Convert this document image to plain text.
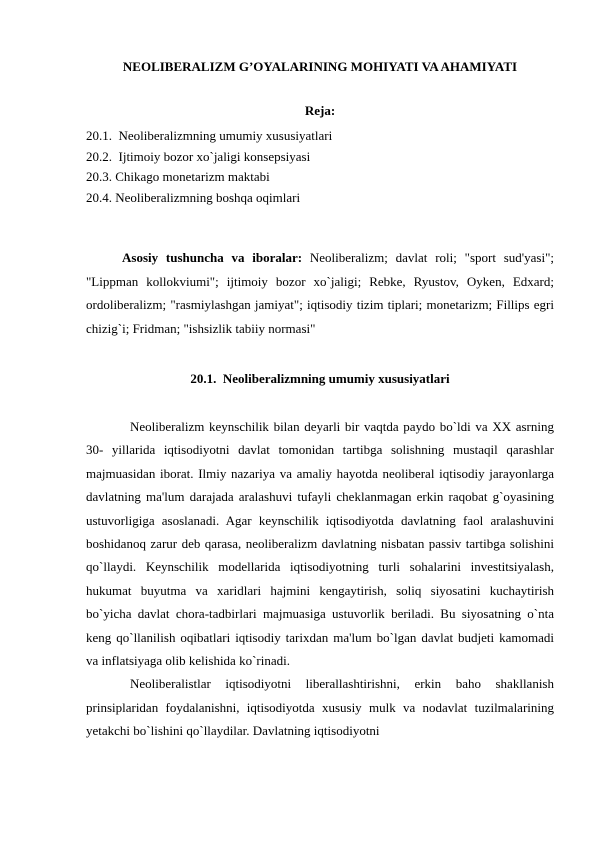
NEOLIBERALIZM G’OYALARINING MOHIYATI VA AHAMIYATI
Reja:
20.1.  Neoliberalizmning umumiy xususiyatlari
20.2.  Ijtimoiy bozor xo`jaligi konsepsiyasi
20.3. Chikago monetarizm maktabi
20.4. Neoliberalizmning boshqa oqimlari

Asosiy tushuncha va iboralar: Neoliberalizm; davlat roli; "sport sud'yasi"; "Lippman kollokviumi"; ijtimoiy bozor xo`jaligi; Rebke, Ryustov, Oyken, Edxard; ordoliberalizm; "rasmiylashgan jamiyat"; iqtisodiy tizim tiplari; monetarizm; Fillips egri chizig`i; Fridman; "ishsizlik tabiiy normasi"

20.1.  Neoliberalizmning umumiy xususiyatlari

Neoliberalizm keynschilik bilan deyarli bir vaqtda paydo bo`ldi va XX asrning 30- yillarida iqtisodiyotni davlat tomonidan tartibga solishning mustaqil qarashlar majmuasidan iborat. Ilmiy nazariya va amaliy hayotda neoliberal iqtisodiy jarayonlarga davlatning ma'lum darajada aralashuvi tufayli cheklanmagan erkin raqobat g`oyasining ustuvorligiga asoslanadi. Agar keynschilik iqtisodiyotda davlatning faol aralashuvini boshidanoq zarur deb qarasa, neoliberalizm davlatning nisbatan passiv tartibga solishini qo`llaydi. Keynschilik modellarida iqtisodiyotning turli sohalarini investitsiyalash, hukumat buyutma va xaridlari hajmini kengaytirish, soliq siyosatini kuchaytirish bo`yicha davlat chora-tadbirlari majmuasiga ustuvorlik beriladi. Bu siyosatning o`nta keng qo`llanilish oqibatlari iqtisodiy tarixdan ma'lum bo`lgan davlat budjeti kamomadi va inflatsiyaga olib kelishida ko`rinadi.

Neoliberalistlar iqtisodiyotni liberallashtirishni, erkin baho shakllanish prinsiplaridan foydalanishni, iqtisodiyotda xususiy mulk va nodavlat tuzilmalarining yetakchi bo`lishini qo`llaydilar. Davlatning iqtisodiyotni
